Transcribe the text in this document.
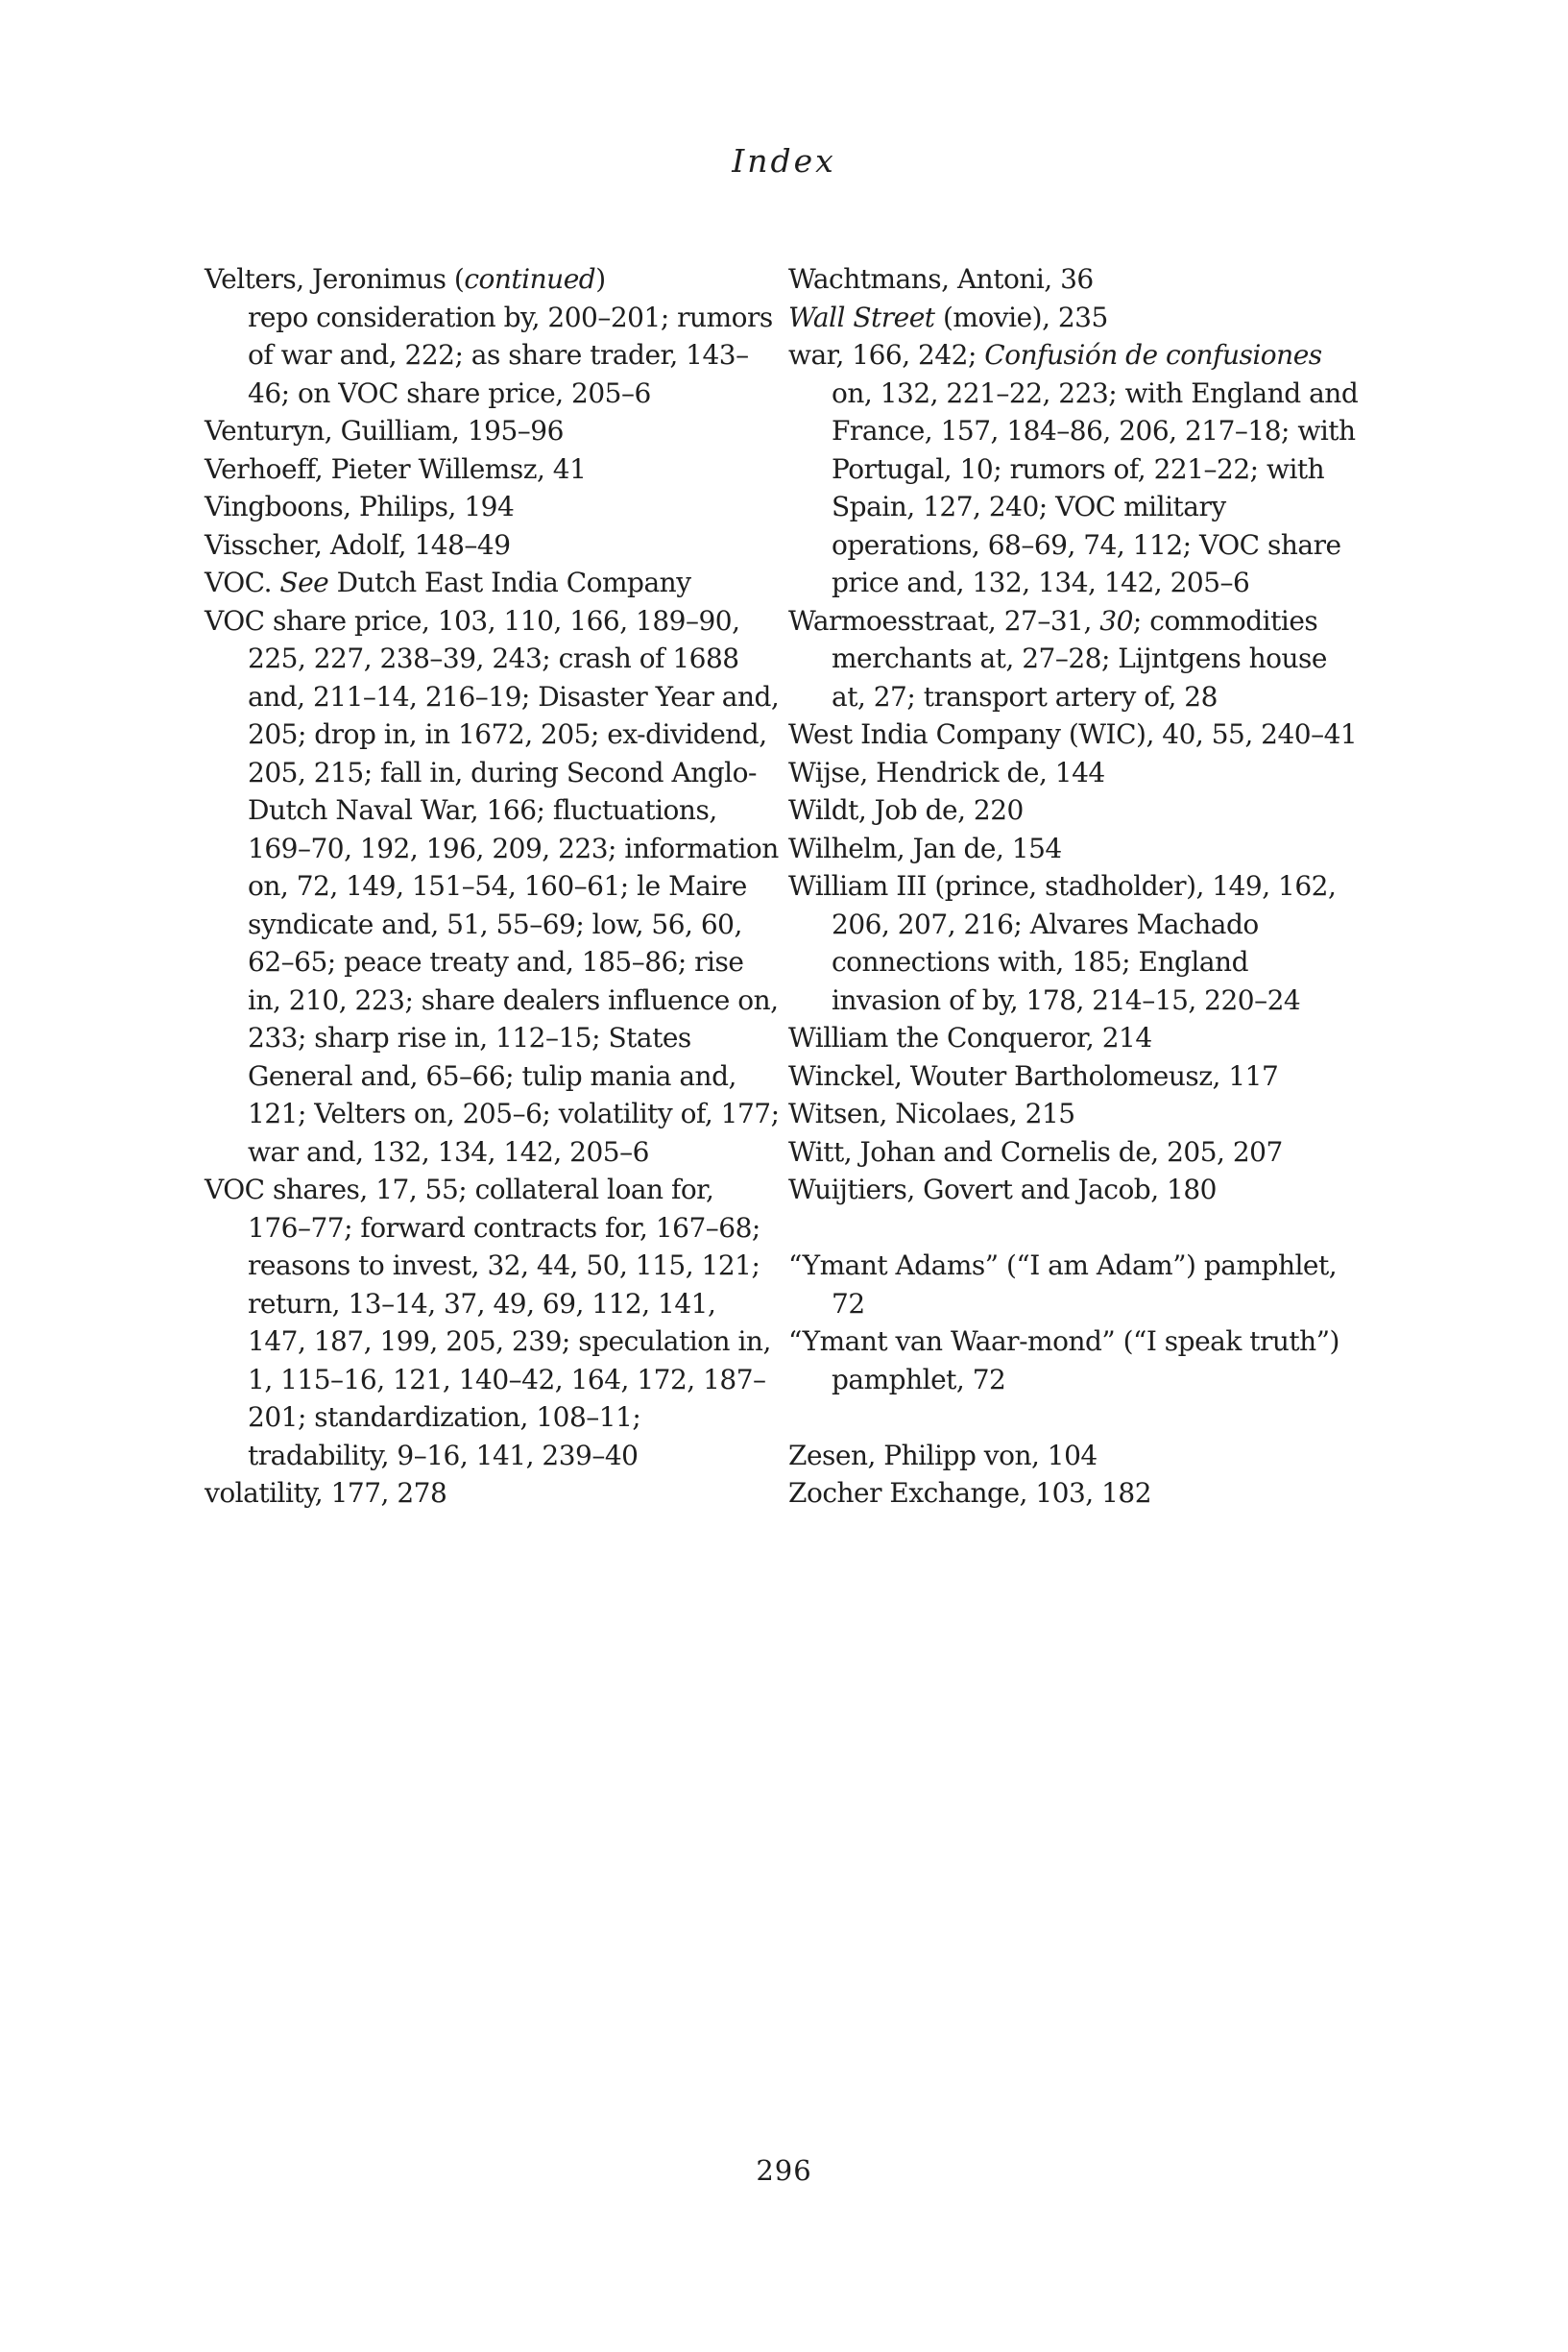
Index
Velters, Jeronimus (continued)
repo consideration by, 200–201; rumors of war and, 222; as share trader, 143–46; on VOC share price, 205–6
Venturyn, Guilliam, 195–96
Verhoeff, Pieter Willemsz, 41
Vingboons, Philips, 194
Visscher, Adolf, 148–49
VOC. See Dutch East India Company
VOC share price, 103, 110, 166, 189–90, 225, 227, 238–39, 243; crash of 1688 and, 211–14, 216–19; Disaster Year and, 205; drop in, in 1672, 205; ex-dividend, 205, 215; fall in, during Second Anglo-Dutch Naval War, 166; fluctuations, 169–70, 192, 196, 209, 223; information on, 72, 149, 151–54, 160–61; le Maire syndicate and, 51, 55–69; low, 56, 60, 62–65; peace treaty and, 185–86; rise in, 210, 223; share dealers influence on, 233; sharp rise in, 112–15; States General and, 65–66; tulip mania and, 121; Velters on, 205–6; volatility of, 177; war and, 132, 134, 142, 205–6
VOC shares, 17, 55; collateral loan for, 176–77; forward contracts for, 167–68; reasons to invest, 32, 44, 50, 115, 121; return, 13–14, 37, 49, 69, 112, 141, 147, 187, 199, 205, 239; speculation in, 1, 115–16, 121, 140–42, 164, 172, 187–201; standardization, 108–11; tradability, 9–16, 141, 239–40
volatility, 177, 278
Wachtmans, Antoni, 36
Wall Street (movie), 235
war, 166, 242; Confusión de confusiones on, 132, 221–22, 223; with England and France, 157, 184–86, 206, 217–18; with Portugal, 10; rumors of, 221–22; with Spain, 127, 240; VOC military operations, 68–69, 74, 112; VOC share price and, 132, 134, 142, 205–6
Warmoesstraat, 27–31, 30; commodities merchants at, 27–28; Lijntgens house at, 27; transport artery of, 28
West India Company (WIC), 40, 55, 240–41
Wijse, Hendrick de, 144
Wildt, Job de, 220
Wilhelm, Jan de, 154
William III (prince, stadholder), 149, 162, 206, 207, 216; Alvares Machado connections with, 185; England invasion of by, 178, 214–15, 220–24
William the Conqueror, 214
Winckel, Wouter Bartholomeusz, 117
Witsen, Nicolaes, 215
Witt, Johan and Cornelis de, 205, 207
Wuijtiers, Govert and Jacob, 180
“Ymant Adams” (“I am Adam”) pamphlet, 72
“Ymant van Waar-mond” (“I speak truth”) pamphlet, 72
Zesen, Philipp von, 104
Zocher Exchange, 103, 182
296
